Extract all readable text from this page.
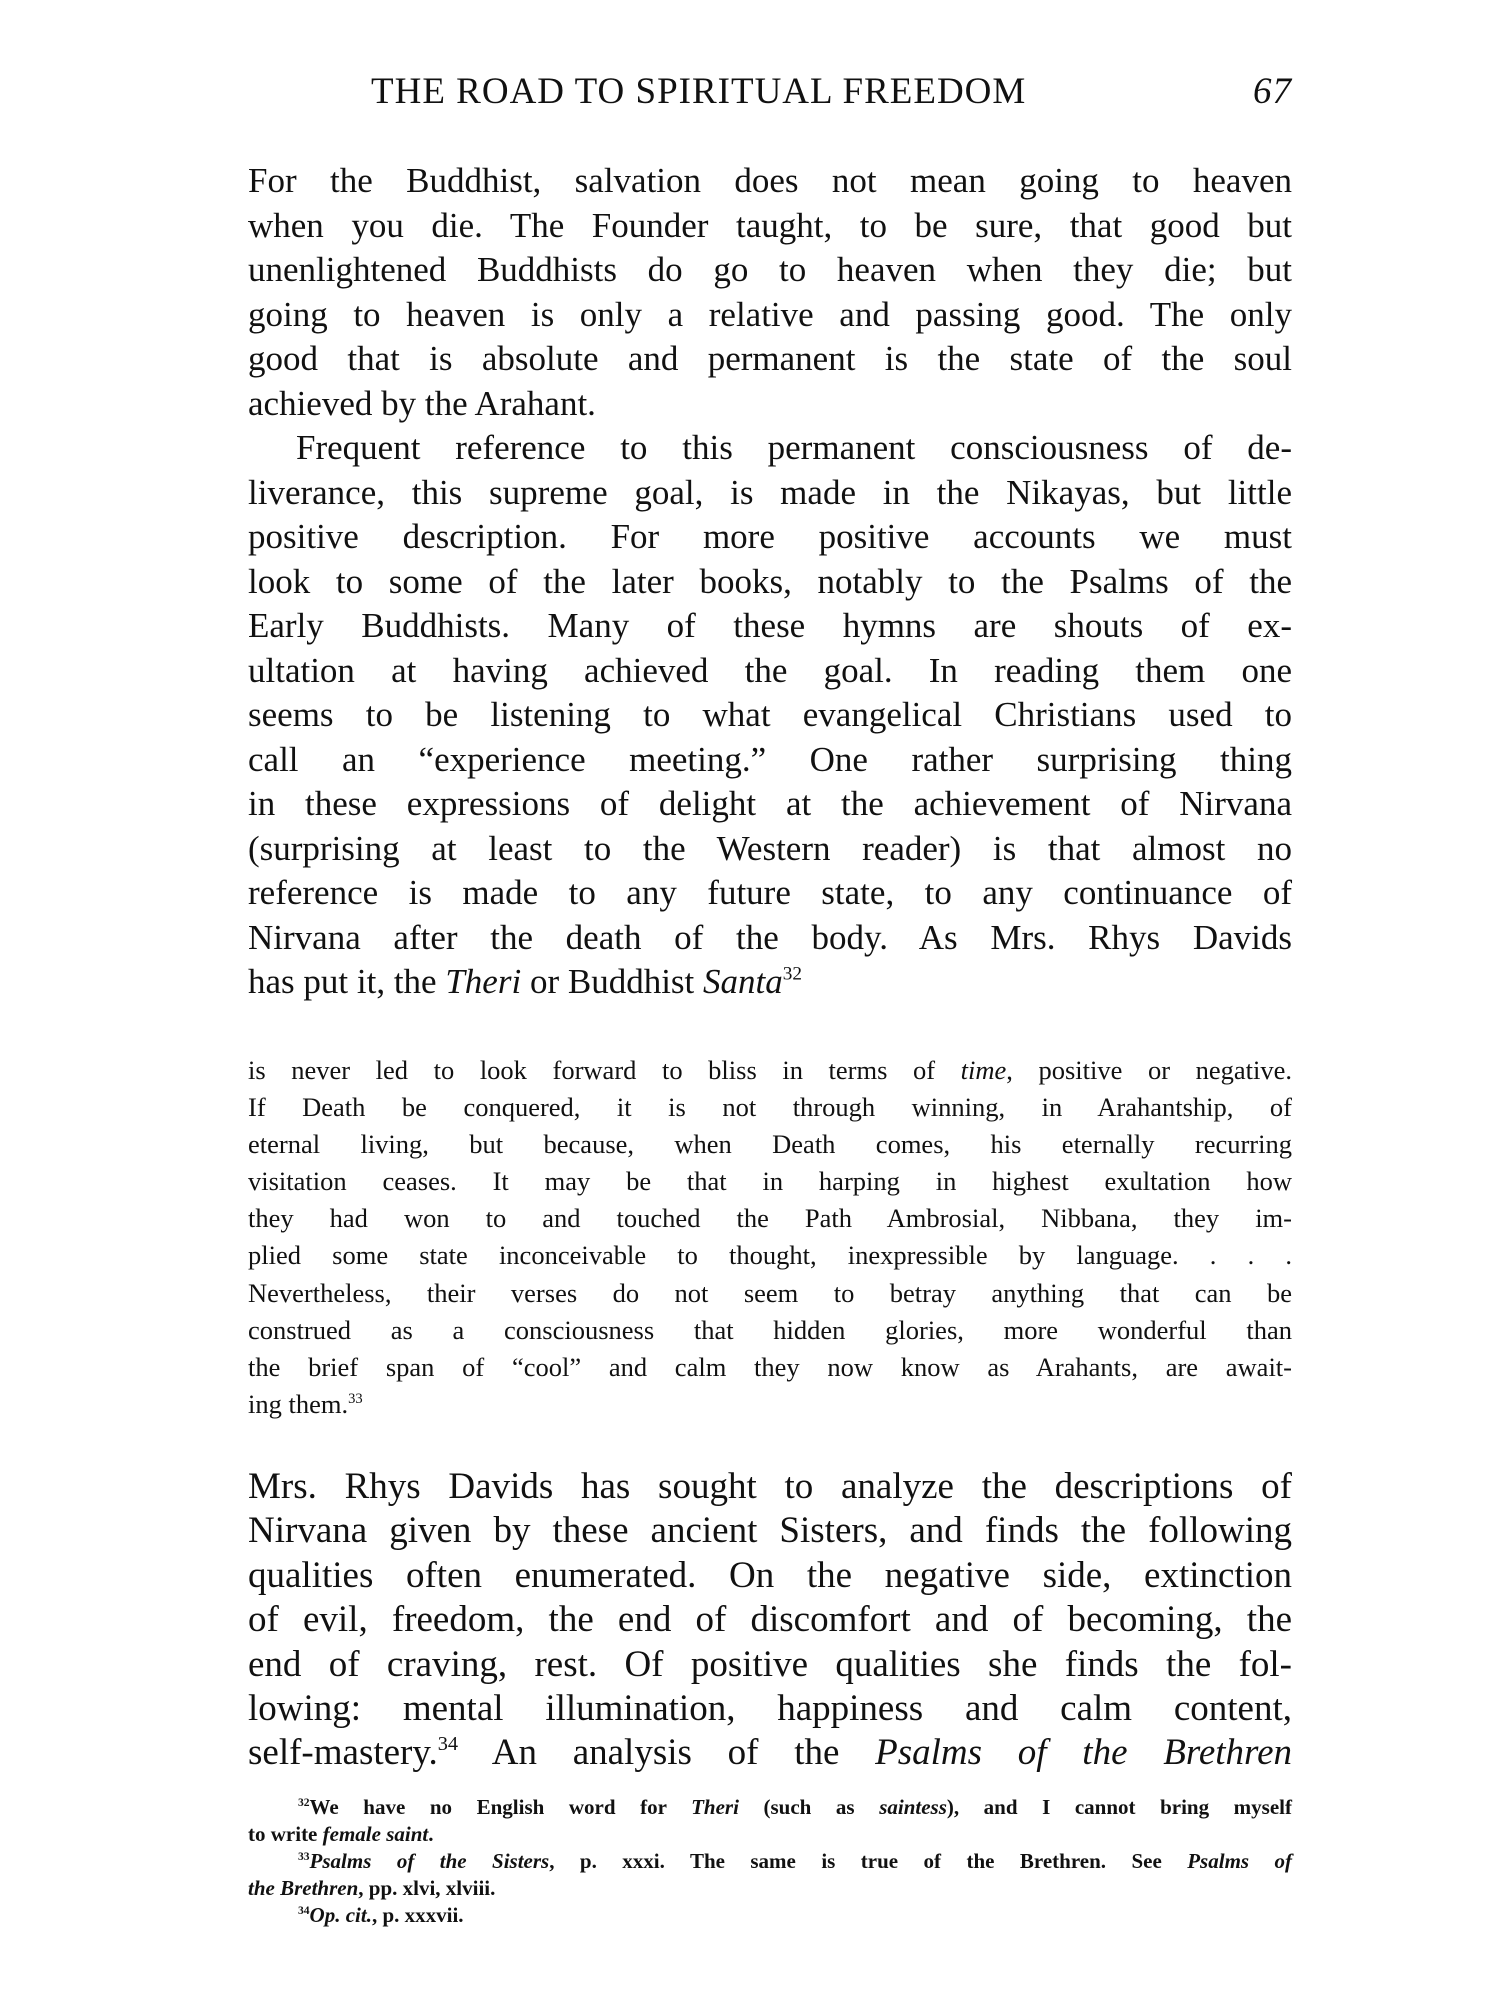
THE ROAD TO SPIRITUAL FREEDOM	67
For the Buddhist, salvation does not mean going to heaven
when you die. The Founder taught, to be sure, that good but
unenlightened Buddhists do go to heaven when they die; but
going to heaven is only a relative and passing good. The only
good that is absolute and permanent is the state of the soul
achieved by the Arahant.
Frequent reference to this permanent consciousness of de-
liverance, this supreme goal, is made in the Nikayas, but little
positive description. For more positive accounts we must
look to some of the later books, notably to the Psalms of the
Early Buddhists. Many of these hymns are shouts of ex-
ultation at having achieved the goal. In reading them one
seems to be listening to what evangelical Christians used to
call an “experience meeting.” One rather surprising thing
in these expressions of delight at the achievement of Nirvana
(surprising at least to the Western reader) is that almost no
reference is made to any future state, to any continuance of
Nirvana after the death of the body. As Mrs. Rhys Davids
has put it, the Theri or Buddhist Santa$^{32}$
is never led to look forward to bliss in terms of time, positive or negative.
If Death be conquered, it is not through winning, in Arahantship, of
eternal living, but because, when Death comes, his eternally recurring
visitation ceases. It may be that in harping in highest exultation how
they had won to and touched the Path Ambrosial, Nibbana, they im-
plied some state inconceivable to thought, inexpressible by language. . . .
Nevertheless, their verses do not seem to betray anything that can be
construed as a consciousness that hidden glories, more wonderful than
the brief span of “cool” and calm they now know as Arahants, are await-
ing them.$^{33}$
Mrs. Rhys Davids has sought to analyze the descriptions of
Nirvana given by these ancient Sisters, and finds the following
qualities often enumerated. On the negative side, extinction
of evil, freedom, the end of discomfort and of becoming, the
end of craving, rest. Of positive qualities she finds the fol-
lowing: mental illumination, happiness and calm content,
self-mastery.$^{34}$ An analysis of the Psalms of the Brethren
$^{32}$We have no English word for Theri (such as saintess), and I cannot bring myself
to write female saint.
$^{33}$Psalms of the Sisters, p. xxxi. The same is true of the Brethren. See Psalms of
the Brethren, pp. xlvi, xlviii.
$^{34}$Op. cit., p. xxxvii.
